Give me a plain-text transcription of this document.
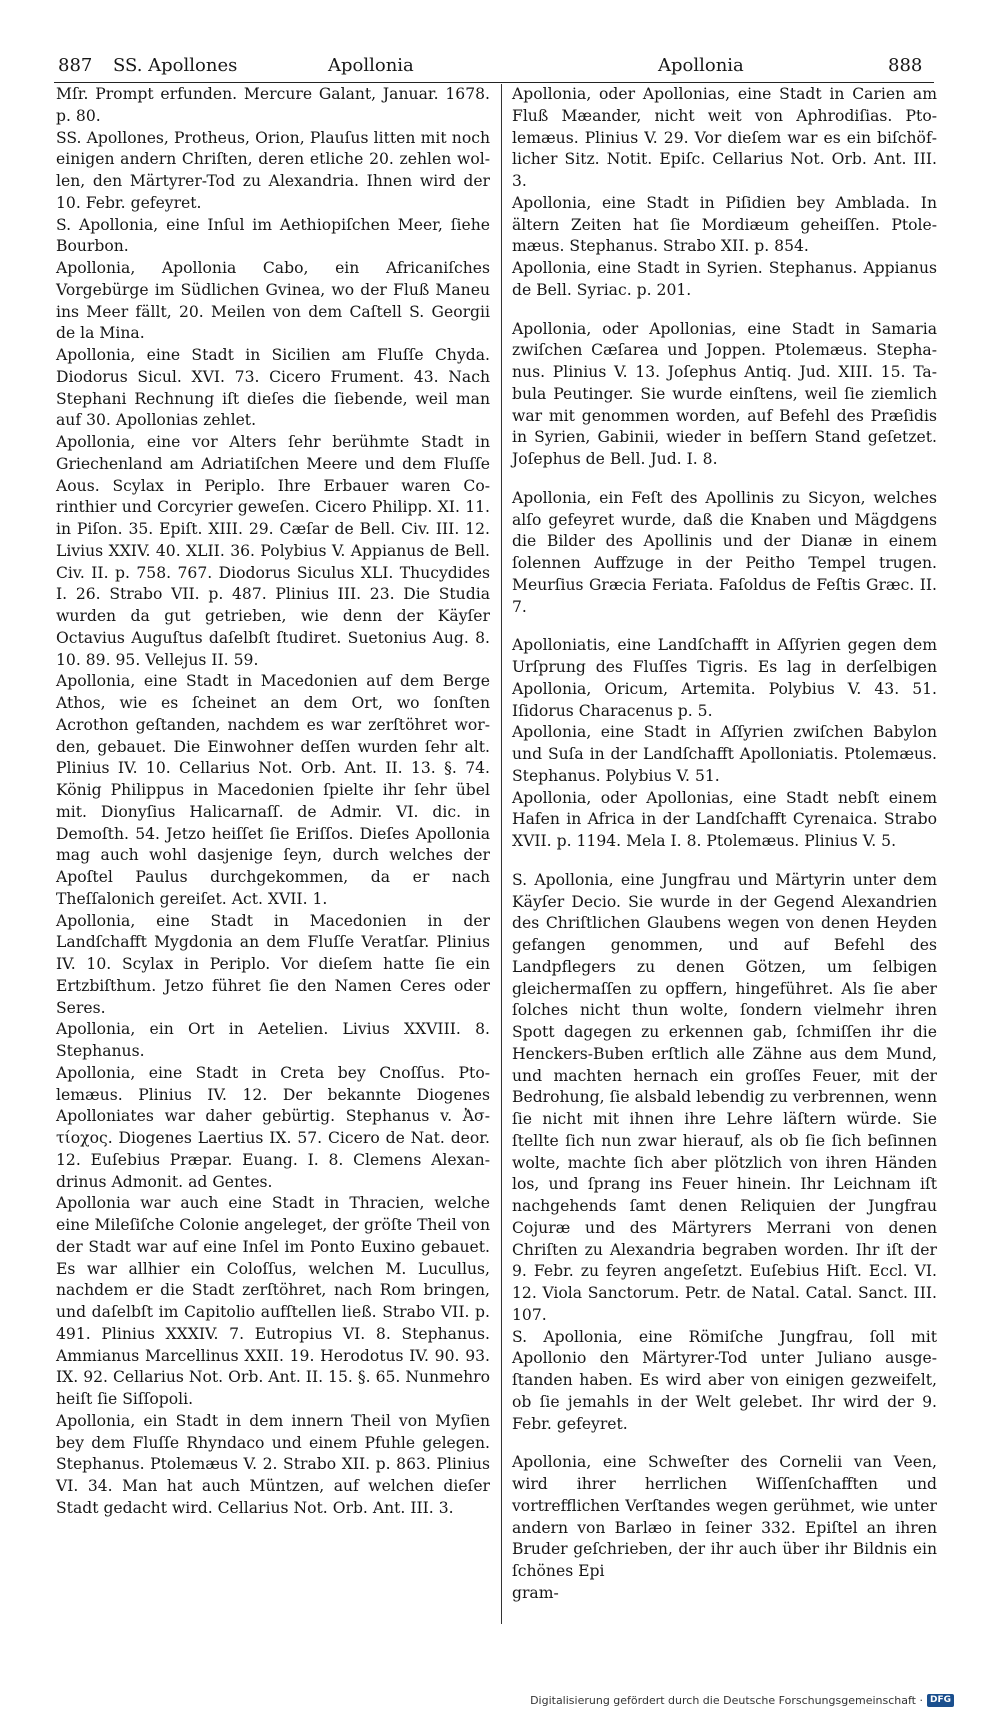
887 SS. Apollones	Apollonia	Apollonia	888

Mſr. Prompt erfunden. Mercure Galant, Januar. 1678. p. 80.

SS. Apollones, Protheus, Orion, Plauſus litten mit noch einigen andern Chriſten, deren etliche 20. zehlen wollen, den Märtyrer-Tod zu Alexandria. Ihnen wird der 10. Febr. gefeyret.

S. Apollonia, eine Inſul im Aethiopiſchen Meer, ſiehe Bourbon.

Apollonia, Apollonia Cabo, ein Africaniſches Vorgebürge im Südlichen Gvinea, wo der Fluß Maneu ins Meer fällt, 20. Meilen von dem Caſtell S. Georgii de la Mina.

Apollonia, eine Stadt in Sicilien am Fluſſe Chyda. Diodorus Sicul. XVI. 73. Cicero Frument. 43. Nach Stephani Rechnung iſt dieſes die ſiebende, weil man auf 30. Apollonias zehlet.

Apollonia, eine vor Alters ſehr berühmte Stadt in Griechenland am Adriatiſchen Meere und dem Fluſſe Aous. Scylax in Periplo. Ihre Erbauer waren Corinthier und Corcyrier geweſen. Cicero Philipp. XI. 11. in Piſon. 35. Epiſt. XIII. 29. Cæſar de Bell. Civ. III. 12. Livius XXIV. 40. XLII. 36. Polybius V. Appianus de Bell. Civ. II. p. 758. 767. Diodorus Siculus XLI. Thucydides I. 26. Strabo VII. p. 487. Plinius III. 23. Die Studia wurden da gut getrieben, wie denn der Käyſer Octavius Auguſtus daſelbſt ſtudiret. Suetonius Aug. 8. 10. 89. 95. Vellejus II. 59.

Apollonia, eine Stadt in Macedonien auf dem Berge Athos, wie es ſcheinet an dem Ort, wo ſonſten Acrothon geſtanden, nachdem es war zerſtöhret worden, gebauet. Die Einwohner deſſen wurden ſehr alt. Plinius IV. 10. Cellarius Not. Orb. Ant. II. 13. §. 74. König Philippus in Macedonien ſpielte ihr ſehr übel mit. Dionyſius Halicarnaſſ. de Admir. VI. dic. in Demoſth. 54. Jetzo heiſſet ſie Eriſſos. Dieſes Apollonia mag auch wohl dasjenige ſeyn, durch welches der Apoſtel Paulus durchgekommen, da er nach Theſſalonich gereiſet. Act. XVII. 1.

Apollonia, eine Stadt in Macedonien in der Landſchafft Mygdonia an dem Fluſſe Veratſar. Plinius IV. 10. Scylax in Periplo. Vor dieſem hatte ſie ein Ertzbiſthum. Jetzo führet ſie den Namen Ceres oder Seres.

Apollonia, ein Ort in Aetelien. Livius XXVIII. 8. Stephanus.

Apollonia, eine Stadt in Creta bey Cnoſſus. Ptolemæus. Plinius IV. 12. Der bekannte Diogenes Apolloniates war daher gebürtig. Stephanus v. Ἀστίοχος. Diogenes Laertius IX. 57. Cicero de Nat. deor. 12. Euſebius Præpar. Euang. I. 8. Clemens Alexandrinus Admonit. ad Gentes.

Apollonia war auch eine Stadt in Thracien, welche eine Mileſiſche Colonie angeleget, der gröſte Theil von der Stadt war auf eine Inſel im Ponto Euxino gebauet. Es war allhier ein Coloſſus, welchen M. Lucullus, nachdem er die Stadt zerſtöhret, nach Rom bringen, und daſelbſt im Capitolio aufſtellen ließ. Strabo VII. p. 491. Plinius XXXIV. 7. Eutropius VI. 8. Stephanus. Ammianus Marcellinus XXII. 19. Herodotus IV. 90. 93. IX. 92. Cellarius Not. Orb. Ant. II. 15. §. 65. Nunmehro heiſt ſie Siſſopoli.

Apollonia, ein Stadt in dem innern Theil von Myſien bey dem Fluſſe Rhyndaco und einem Pfuhle gelegen. Stephanus. Ptolemæus V. 2. Strabo XII. p. 863. Plinius VI. 34. Man hat auch Müntzen, auf welchen dieſer Stadt gedacht wird. Cellarius Not. Orb. Ant. III. 3.

Apollonia, oder Apollonias, eine Stadt in Carien am Fluß Mæander, nicht weit von Aphrodiſias. Ptolemæus. Plinius V. 29. Vor dieſem war es ein biſchöflicher Sitz. Notit. Epiſc. Cellarius Not. Orb. Ant. III. 3.

Apollonia, eine Stadt in Piſidien bey Amblada. In ältern Zeiten hat ſie Mordiæum geheiſſen. Ptolemæus. Stephanus. Strabo XII. p. 854.

Apollonia, eine Stadt in Syrien. Stephanus. Appianus de Bell. Syriac. p. 201.

Apollonia, oder Apollonias, eine Stadt in Samaria zwiſchen Cæſarea und Joppen. Ptolemæus. Stephanus. Plinius V. 13. Joſephus Antiq. Jud. XIII. 15. Tabula Peutinger. Sie wurde einſtens, weil ſie ziemlich war mit genommen worden, auf Befehl des Præſidis in Syrien, Gabinii, wieder in beſſern Stand geſetzet. Joſephus de Bell. Jud. I. 8.

Apollonia, ein Feſt des Apollinis zu Sicyon, welches alſo gefeyret wurde, daß die Knaben und Mägdgens die Bilder des Apollinis und der Dianæ in einem ſolennen Auffzuge in der Peitho Tempel trugen. Meurſius Græcia Feriata. Faſoldus de Feſtis Græc. II. 7.

Apolloniatis, eine Landſchafft in Aſſyrien gegen dem Urſprung des Fluſſes Tigris. Es lag in derſelbigen Apollonia, Oricum, Artemita. Polybius V. 43. 51. Iſidorus Characenus p. 5.

Apollonia, eine Stadt in Aſſyrien zwiſchen Babylon und Suſa in der Landſchafft Apolloniatis. Ptolemæus. Stephanus. Polybius V. 51.

Apollonia, oder Apollonias, eine Stadt nebſt einem Hafen in Africa in der Landſchafft Cyrenaica. Strabo XVII. p. 1194. Mela I. 8. Ptolemæus. Plinius V. 5.

S. Apollonia, eine Jungfrau und Märtyrin unter dem Käyſer Decio. Sie wurde in der Gegend Alexandrien des Chriſtlichen Glaubens wegen von denen Heyden gefangen genommen, und auf Befehl des Landpflegers zu denen Götzen, um ſelbigen gleichermaſſen zu opffern, hingeführet. Als ſie aber ſolches nicht thun wolte, ſondern vielmehr ihren Spott dagegen zu erkennen gab, ſchmiſſen ihr die Henckers-Buben erſtlich alle Zähne aus dem Mund, und machten hernach ein groſſes Feuer, mit der Bedrohung, ſie alsbald lebendig zu verbrennen, wenn ſie nicht mit ihnen ihre Lehre läſtern würde. Sie ſtellte ſich nun zwar hierauf, als ob ſie ſich beſinnen wolte, machte ſich aber plötzlich von ihren Händen los, und ſprang ins Feuer hinein. Ihr Leichnam iſt nachgehends ſamt denen Reliquien der Jungfrau Cojuræ und des Märtyrers Merrani von denen Chriſten zu Alexandria begraben worden. Ihr iſt der 9. Febr. zu feyren angeſetzt. Euſebius Hiſt. Eccl. VI. 12. Viola Sanctorum. Petr. de Natal. Catal. Sanct. III. 107.

S. Apollonia, eine Römiſche Jungfrau, ſoll mit Apollonio den Märtyrer-Tod unter Juliano ausgeſtanden haben. Es wird aber von einigen gezweifelt, ob ſie jemahls in der Welt gelebet. Ihr wird der 9. Febr. gefeyret.

Apollonia, eine Schweſter des Cornelii van Veen, wird ihrer herrlichen Wiſſenſchafften und vortrefflichen Verſtandes wegen gerühmet, wie unter andern von Barlæo in ſeiner 332. Epiſtel an ihren Bruder geſchrieben, der ihr auch über ihr Bildnis ein ſchönes Epi

gram-

Digitalisierung gefördert durch die Deutsche Forschungsgemeinschaft · DFG
